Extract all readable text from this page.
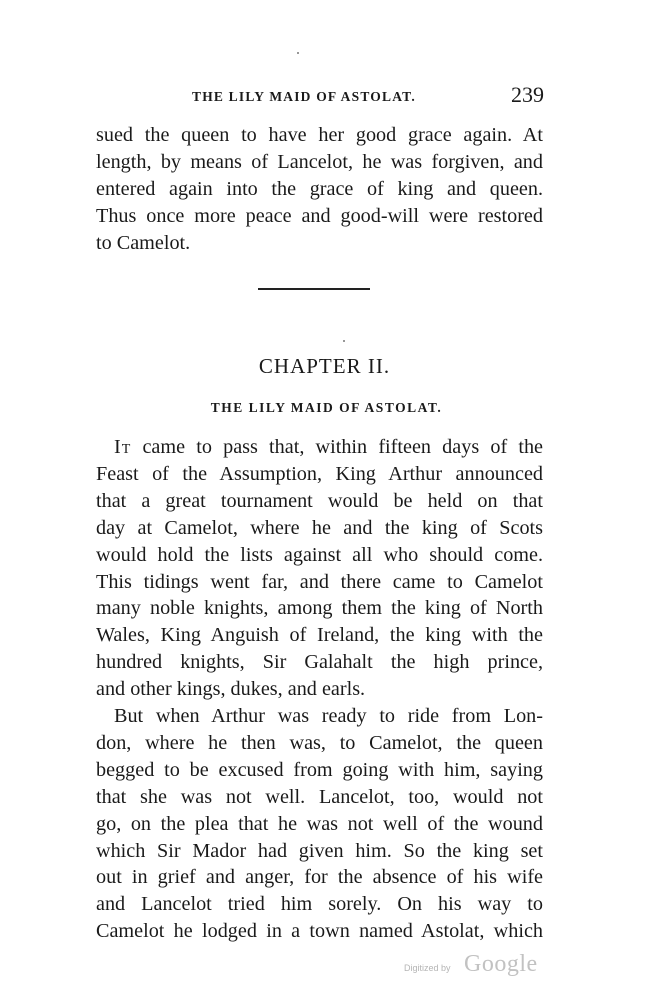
THE LILY MAID OF ASTOLAT.	239
sued the queen to have her good grace again. At
length, by means of Lancelot, he was forgiven, and
entered again into the grace of king and queen.
Thus once more peace and good-will were restored
to Camelot.
CHAPTER II.
THE LILY MAID OF ASTOLAT.
It came to pass that, within fifteen days of the
Feast of the Assumption, King Arthur announced
that a great tournament would be held on that
day at Camelot, where he and the king of Scots
would hold the lists against all who should come.
This tidings went far, and there came to Camelot
many noble knights, among them the king of North
Wales, King Anguish of Ireland, the king with the
hundred knights, Sir Galahalt the high prince,
and other kings, dukes, and earls.
But when Arthur was ready to ride from Lon-
don, where he then was, to Camelot, the queen
begged to be excused from going with him, saying
that she was not well. Lancelot, too, would not
go, on the plea that he was not well of the wound
which Sir Mador had given him. So the king set
out in grief and anger, for the absence of his wife
and Lancelot tried him sorely. On his way to
Camelot he lodged in a town named Astolat, which
Digitized by Google
